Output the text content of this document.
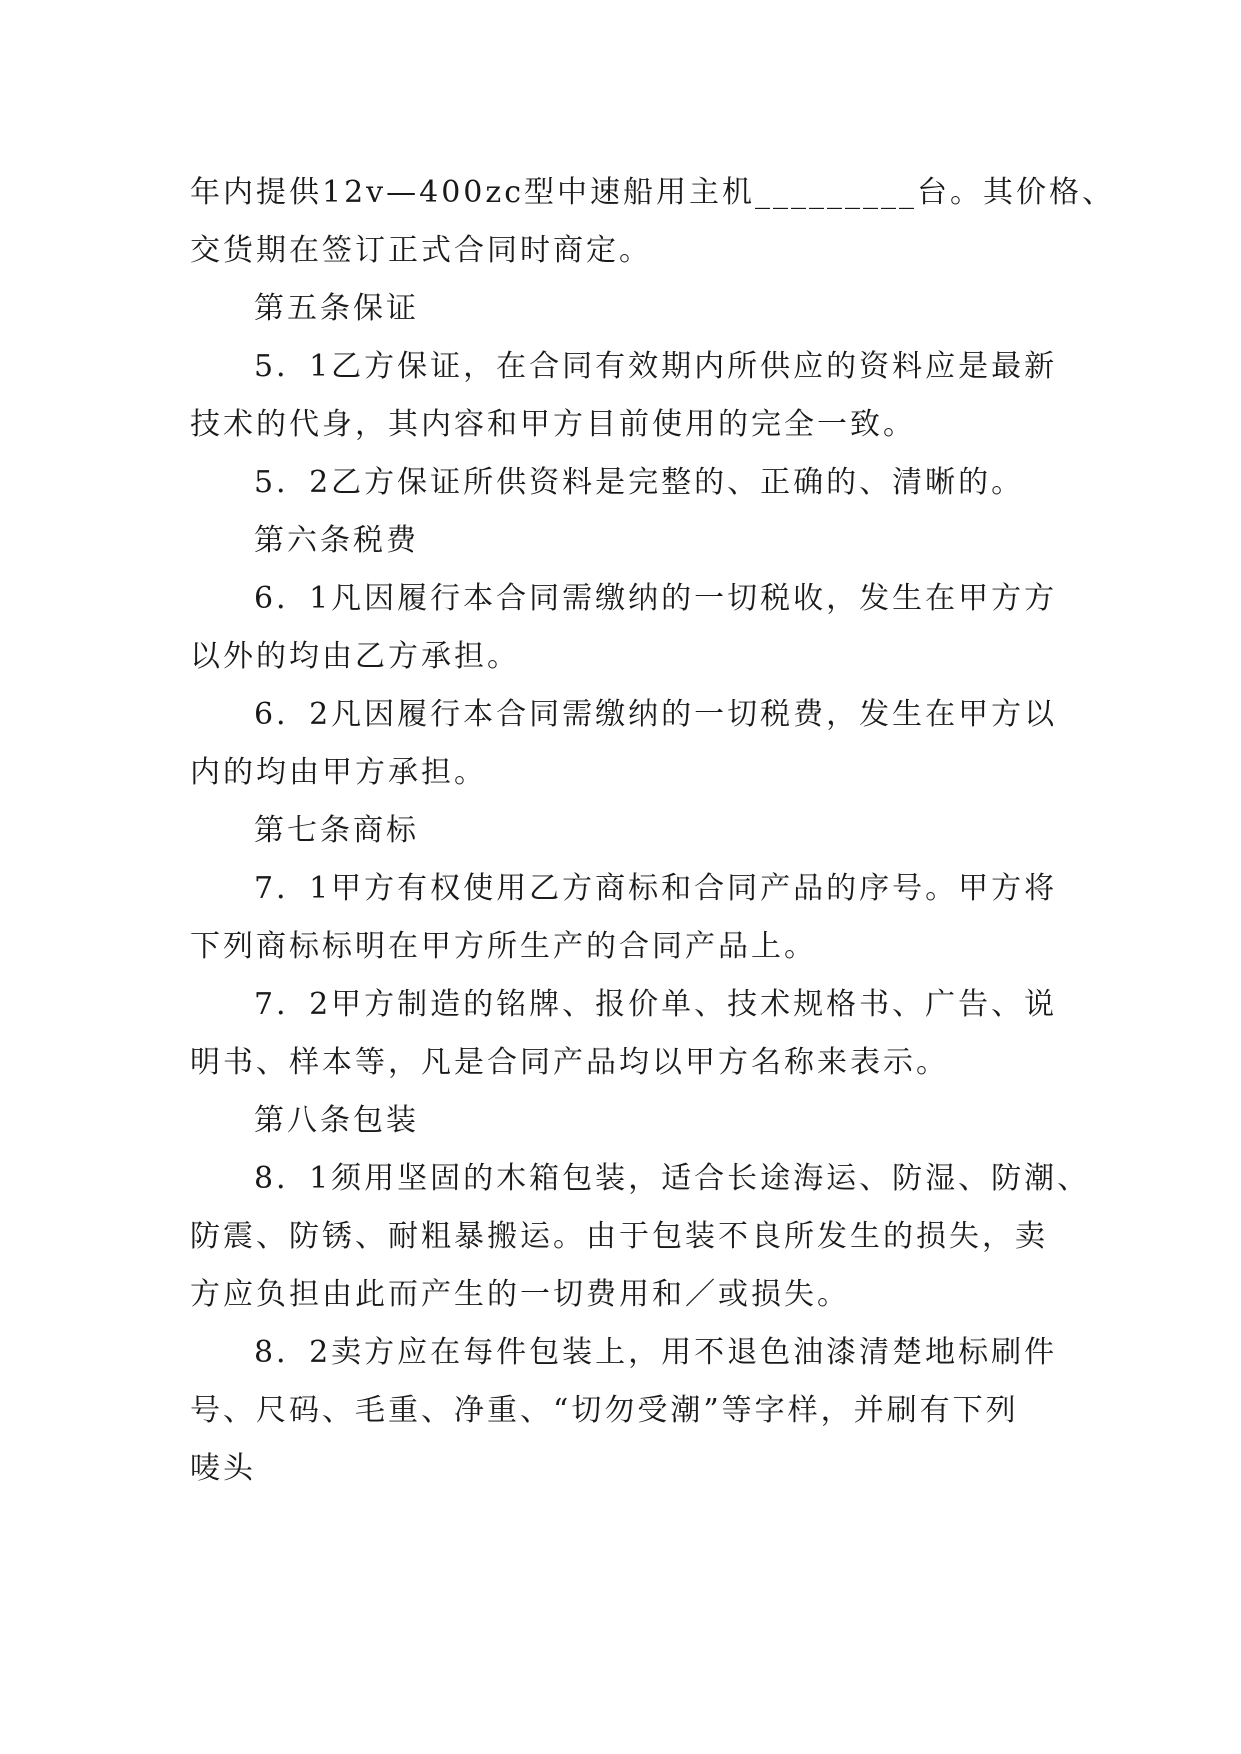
年内提供12v—400zc型中速船用主机_________台。其价格、
交货期在签订正式合同时商定。
第五条保证
5．1乙方保证，在合同有效期内所供应的资料应是最新
技术的代身，其内容和甲方目前使用的完全一致。
5．2乙方保证所供资料是完整的、正确的、清晰的。
第六条税费
6．1凡因履行本合同需缴纳的一切税收，发生在甲方方
以外的均由乙方承担。
6．2凡因履行本合同需缴纳的一切税费，发生在甲方以
内的均由甲方承担。
第七条商标
7．1甲方有权使用乙方商标和合同产品的序号。甲方将
下列商标标明在甲方所生产的合同产品上。
7．2甲方制造的铭牌、报价单、技术规格书、广告、说
明书、样本等，凡是合同产品均以甲方名称来表示。
第八条包装
8．1须用坚固的木箱包装，适合长途海运、防湿、防潮、
防震、防锈、耐粗暴搬运。由于包装不良所发生的损失，卖
方应负担由此而产生的一切费用和／或损失。
8．2卖方应在每件包装上，用不退色油漆清楚地标刷件
号、尺码、毛重、净重、“切勿受潮”等字样，并刷有下列
唛头
